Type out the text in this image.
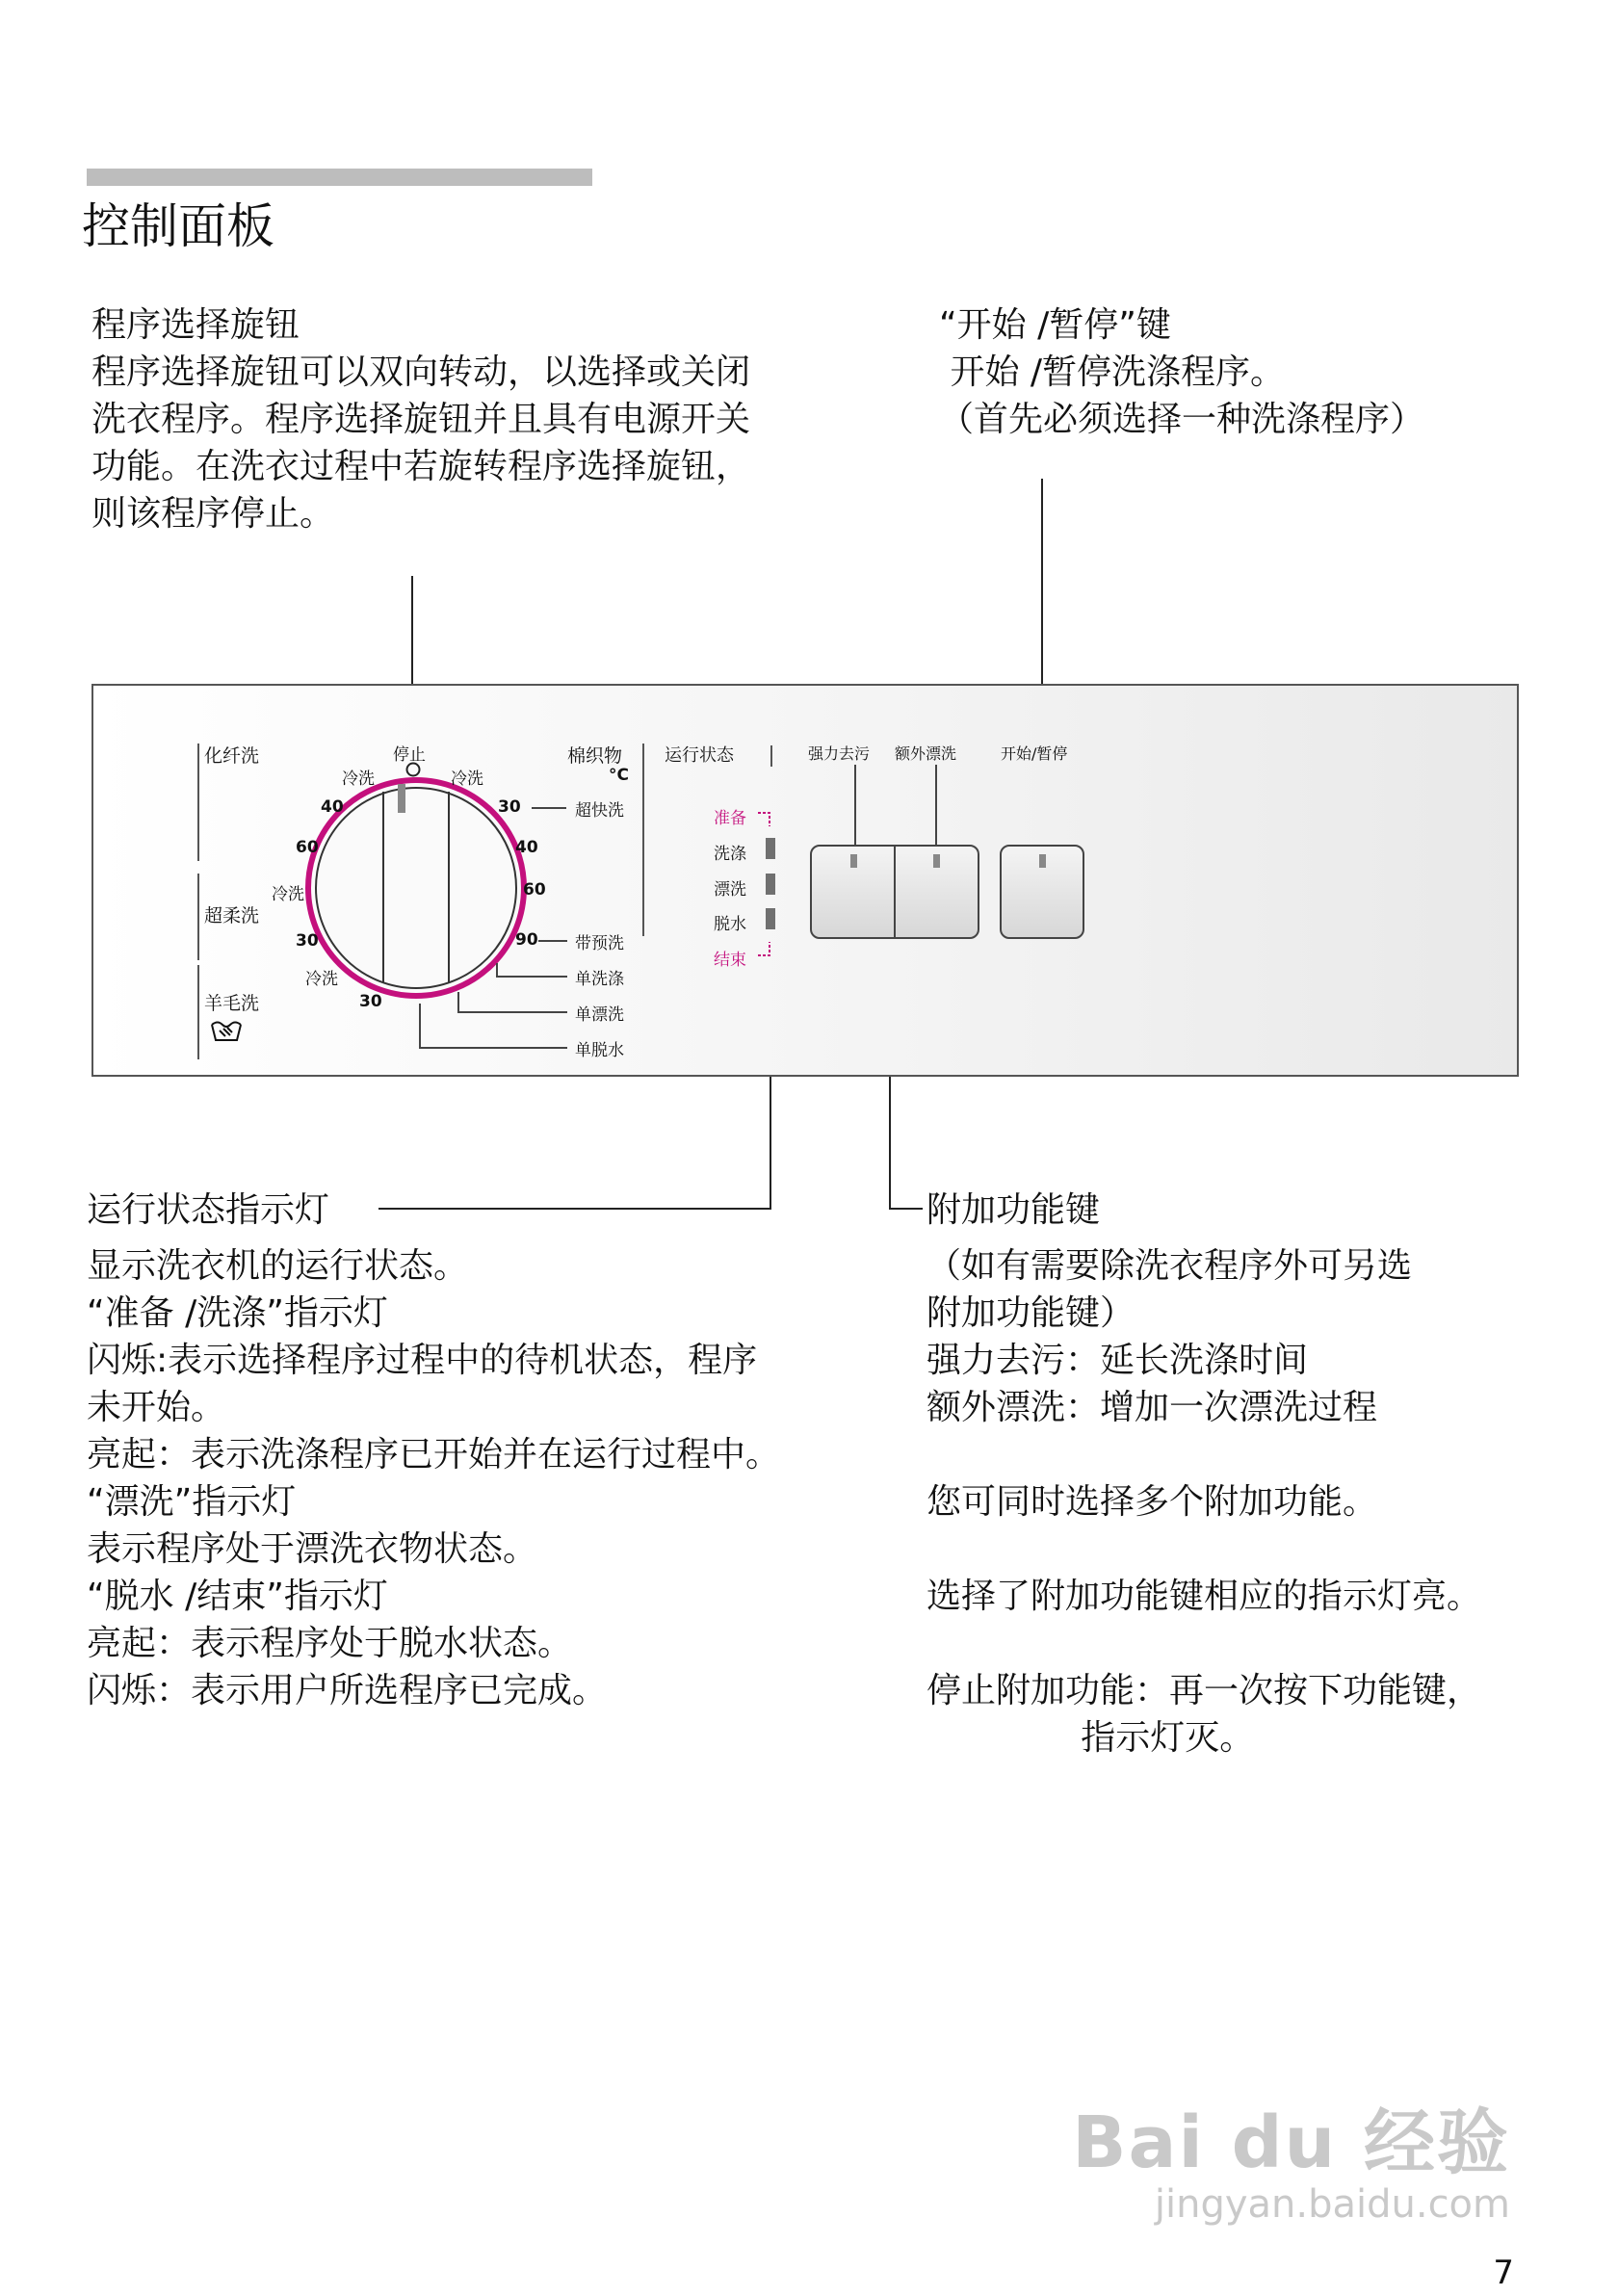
控制面板
程序选择旋钮
程序选择旋钮可以双向转动，以选择或关闭
洗衣程序。程序选择旋钮并且具有电源开关
功能。在洗衣过程中若旋转程序选择旋钮，
则该程序停止。
“开始 /暂停”键
开始 /暂停洗涤程序。
（首先必须选择一种洗涤程序）
化纤洗
超柔洗
羊毛洗
停止	棉织物
°C
冷洗	冷洗
冷洗
冷洗
40
60
30
30
30
40
60
90
超快洗
带预洗
单洗涤
单漂洗
单脱水
运行状态
准备
洗涤
漂洗
脱水
结束
强力去污 额外漂洗	开始/暂停
运行状态指示灯
显示洗衣机的运行状态。
“准备 /洗涤”指示灯
闪烁:表示选择程序过程中的待机状态，程序
未开始。
亮起：表示洗涤程序已开始并在运行过程中。
“漂洗”指示灯
表示程序处于漂洗衣物状态。
“脱水 /结束”指示灯
亮起：表示程序处于脱水状态。
闪烁：表示用户所选程序已完成。
附加功能键
（如有需要除洗衣程序外可另选
附加功能键）
强力去污：延长洗涤时间
额外漂洗：增加一次漂洗过程
您可同时选择多个附加功能。
选择了附加功能键相应的指示灯亮。
停止附加功能：再一次按下功能键，
指示灯灭。
Bai du 经验
jingyan.baidu.com
7
